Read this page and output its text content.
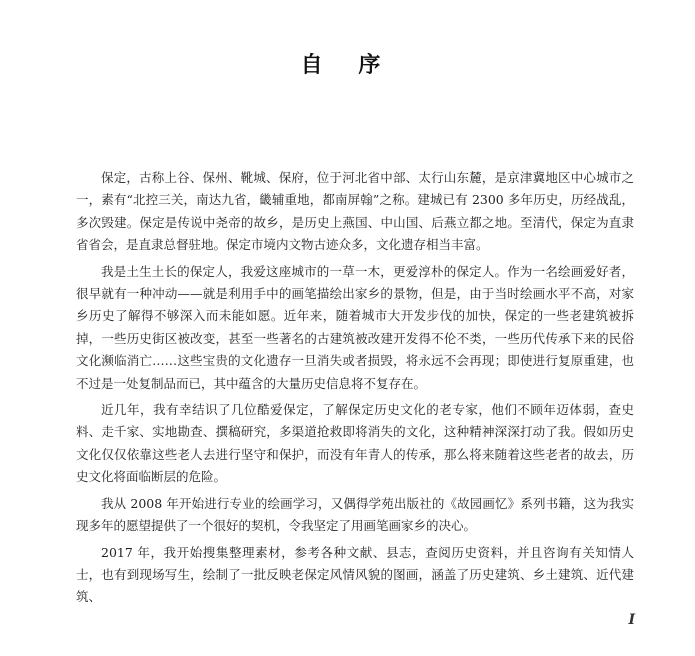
自 序

保定，古称上谷、保州、靴城、保府，位于河北省中部、太行山东麓，是京津冀地区中心城市之一，素有“北控三关，南达九省，畿辅重地，都南屏翰”之称。建城已有 2300 多年历史，历经战乱，多次毁建。保定是传说中尧帝的故乡，是历史上燕国、中山国、后燕立都之地。至清代，保定为直隶省省会，是直隶总督驻地。保定市境内文物古迹众多，文化遗存相当丰富。

我是土生土长的保定人，我爱这座城市的一草一木，更爱淳朴的保定人。作为一名绘画爱好者，很早就有一种冲动——就是利用手中的画笔描绘出家乡的景物，但是，由于当时绘画水平不高，对家乡历史了解得不够深入而未能如愿。近年来，随着城市大开发步伐的加快，保定的一些老建筑被拆掉，一些历史街区被改变，甚至一些著名的古建筑被改建开发得不伦不类，一些历代传承下来的民俗文化濒临消亡……这些宝贵的文化遗存一旦消失或者损毁，将永远不会再现；即使进行复原重建，也不过是一处复制品而已，其中蕴含的大量历史信息将不复存在。

近几年，我有幸结识了几位酷爱保定，了解保定历史文化的老专家，他们不顾年迈体弱，查史料、走千家、实地勘查、撰稿研究，多渠道抢救即将消失的文化，这种精神深深打动了我。假如历史文化仅仅依靠这些老人去进行坚守和保护，而没有年青人的传承，那么将来随着这些老者的故去，历史文化将面临断层的危险。

我从 2008 年开始进行专业的绘画学习，又偶得学苑出版社的《故园画忆》系列书籍，这为我实现多年的愿望提供了一个很好的契机，令我坚定了用画笔画家乡的决心。

2017 年，我开始搜集整理素材，参考各种文献、县志，查阅历史资料，并且咨询有关知情人士，也有到现场写生，绘制了一批反映老保定风情风貌的图画，涵盖了历史建筑、乡土建筑、近代建筑、

I
